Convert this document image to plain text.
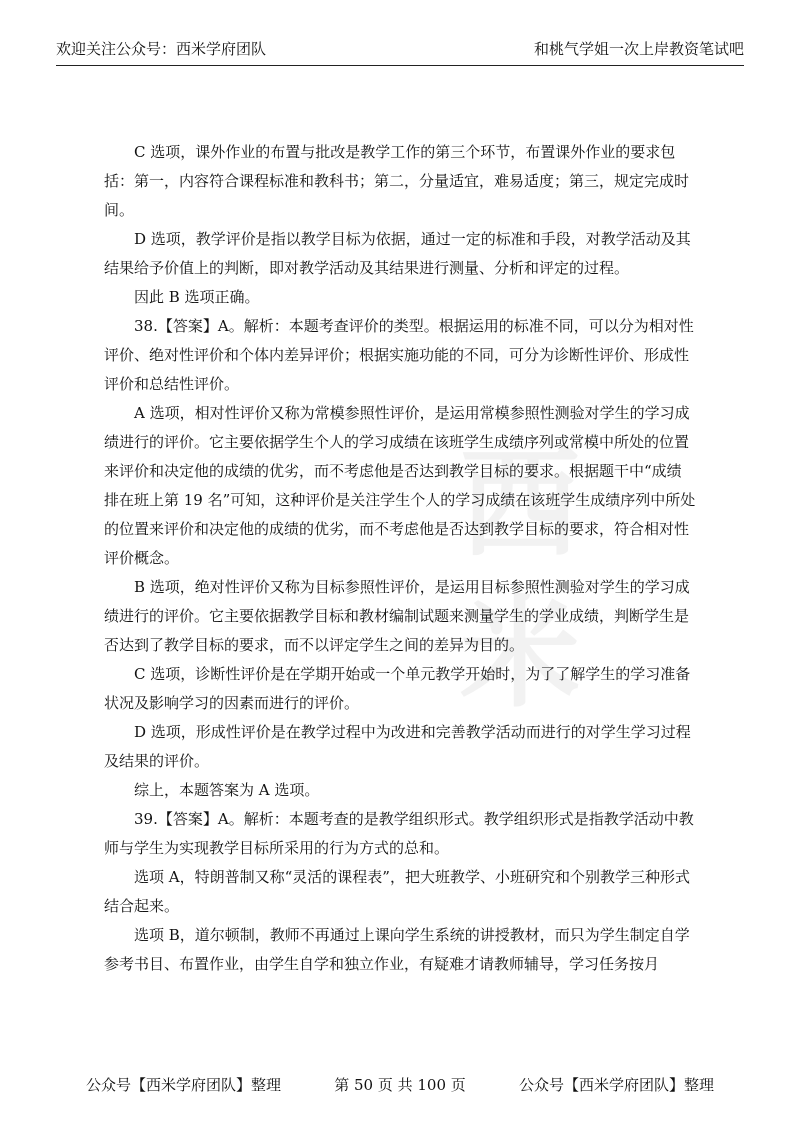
欢迎关注公众号：西米学府团队	和桃气学姐一次上岸教资笔试吧
西
米

C 选项，课外作业的布置与批改是教学工作的第三个环节，布置课外作业的要求包括：第一，内容符合课程标准和教科书；第二，分量适宜，难易适度；第三，规定完成时间。

D 选项，教学评价是指以教学目标为依据，通过一定的标准和手段，对教学活动及其结果给予价值上的判断，即对教学活动及其结果进行测量、分析和评定的过程。

因此 B 选项正确。

38.【答案】A。解析：本题考查评价的类型。根据运用的标准不同，可以分为相对性评价、绝对性评价和个体内差异评价；根据实施功能的不同，可分为诊断性评价、形成性评价和总结性评价。

A 选项，相对性评价又称为常模参照性评价，是运用常模参照性测验对学生的学习成绩进行的评价。它主要依据学生个人的学习成绩在该班学生成绩序列或常模中所处的位置来评价和决定他的成绩的优劣，而不考虑他是否达到教学目标的要求。根据题干中“成绩排在班上第 19 名”可知，这种评价是关注学生个人的学习成绩在该班学生成绩序列中所处的位置来评价和决定他的成绩的优劣，而不考虑他是否达到教学目标的要求，符合相对性评价概念。

B 选项，绝对性评价又称为目标参照性评价，是运用目标参照性测验对学生的学习成绩进行的评价。它主要依据教学目标和教材编制试题来测量学生的学业成绩，判断学生是否达到了教学目标的要求，而不以评定学生之间的差异为目的。

C 选项，诊断性评价是在学期开始或一个单元教学开始时，为了了解学生的学习准备状况及影响学习的因素而进行的评价。

D 选项，形成性评价是在教学过程中为改进和完善教学活动而进行的对学生学习过程及结果的评价。

综上，本题答案为 A 选项。

39.【答案】A。解析：本题考查的是教学组织形式。教学组织形式是指教学活动中教师与学生为实现教学目标所采用的行为方式的总和。

选项 A，特朗普制又称“灵活的课程表”，把大班教学、小班研究和个别教学三种形式结合起来。

选项 B，道尔顿制，教师不再通过上课向学生系统的讲授教材，而只为学生制定自学参考书目、布置作业，由学生自学和独立作业，有疑难才请教师辅导，学习任务按月

公众号【西米学府团队】整理	第 50 页 共 100 页	公众号【西米学府团队】整理
